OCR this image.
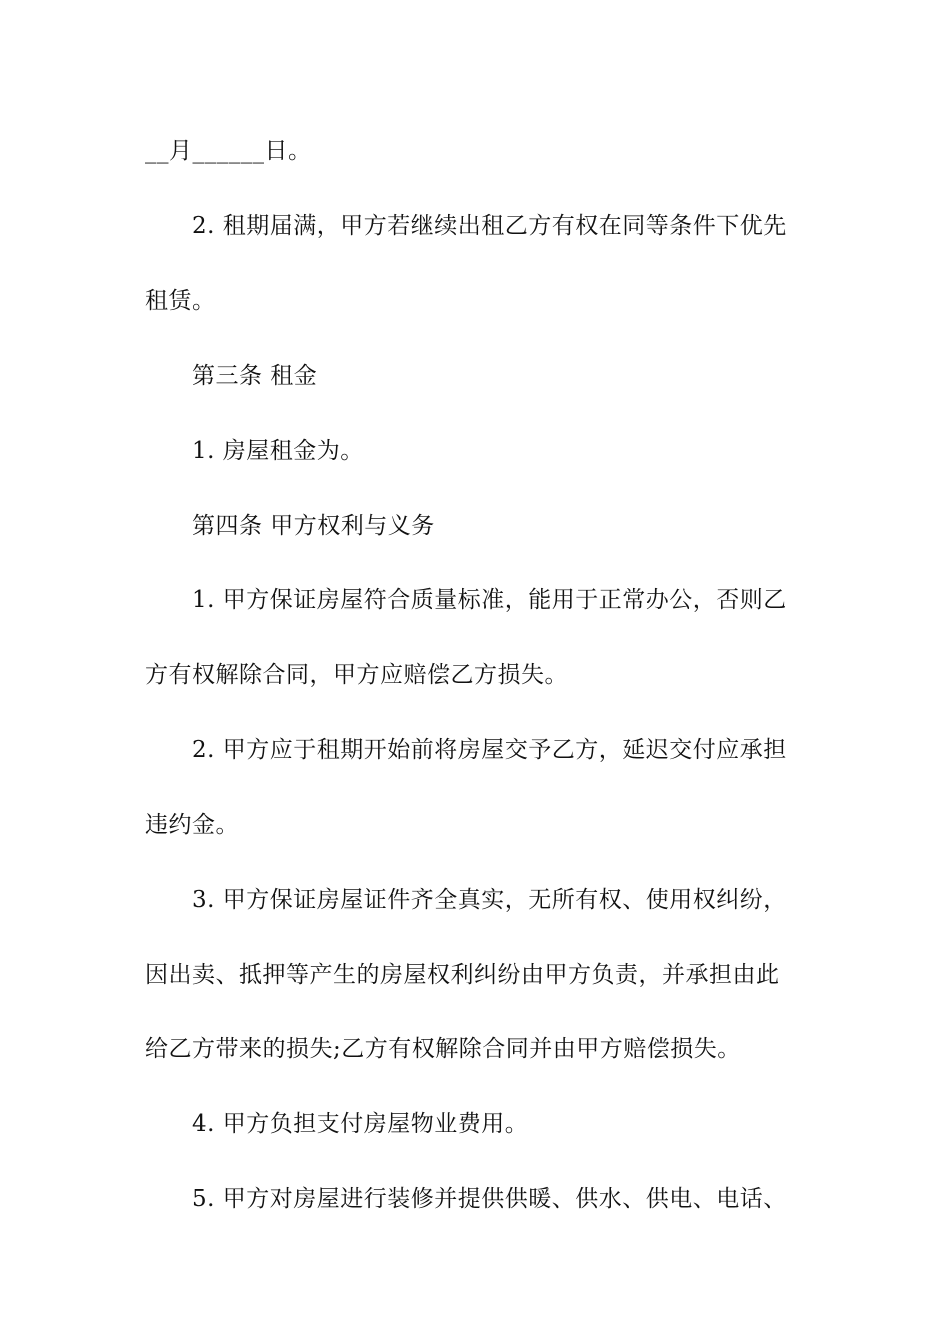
__月______日。
2. 租期届满，甲方若继续出租乙方有权在同等条件下优先
租赁。
第三条 租金
1. 房屋租金为。
第四条 甲方权利与义务
1. 甲方保证房屋符合质量标准，能用于正常办公，否则乙
方有权解除合同，甲方应赔偿乙方损失。
2. 甲方应于租期开始前将房屋交予乙方，延迟交付应承担
违约金。
3. 甲方保证房屋证件齐全真实，无所有权、使用权纠纷，
因出卖、抵押等产生的房屋权利纠纷由甲方负责，并承担由此
给乙方带来的损失;乙方有权解除合同并由甲方赔偿损失。
4. 甲方负担支付房屋物业费用。
5. 甲方对房屋进行装修并提供供暖、供水、供电、电话、
